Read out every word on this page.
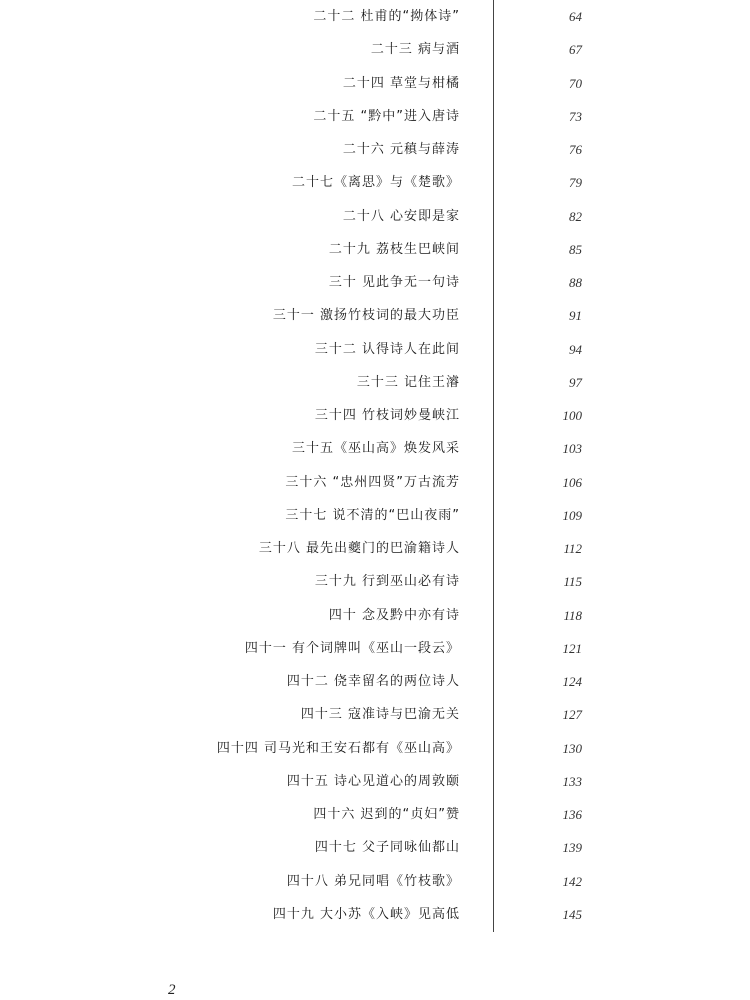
二十二 杜甫的“拗体诗”	64
二十三 病与酒	67
二十四 草堂与柑橘	70
二十五 “黔中”进入唐诗	73
二十六 元稹与薛涛	76
二十七《离思》与《楚歌》	79
二十八 心安即是家	82
二十九 荔枝生巴峡间	85
三十 见此争无一句诗	88
三十一 激扬竹枝词的最大功臣	91
三十二 认得诗人在此间	94
三十三 记住王濬	97
三十四 竹枝词妙曼峡江	100
三十五《巫山高》焕发风采	103
三十六 “忠州四贤”万古流芳	106
三十七 说不清的“巴山夜雨”	109
三十八 最先出夔门的巴渝籍诗人	112
三十九 行到巫山必有诗	115
四十 念及黔中亦有诗	118
四十一 有个词牌叫《巫山一段云》	121
四十二 侥幸留名的两位诗人	124
四十三 寇准诗与巴渝无关	127
四十四 司马光和王安石都有《巫山高》	130
四十五 诗心见道心的周敦颐	133
四十六 迟到的“贞妇”赞	136
四十七 父子同咏仙都山	139
四十八 弟兄同唱《竹枝歌》	142
四十九 大小苏《入峡》见高低	145
2
